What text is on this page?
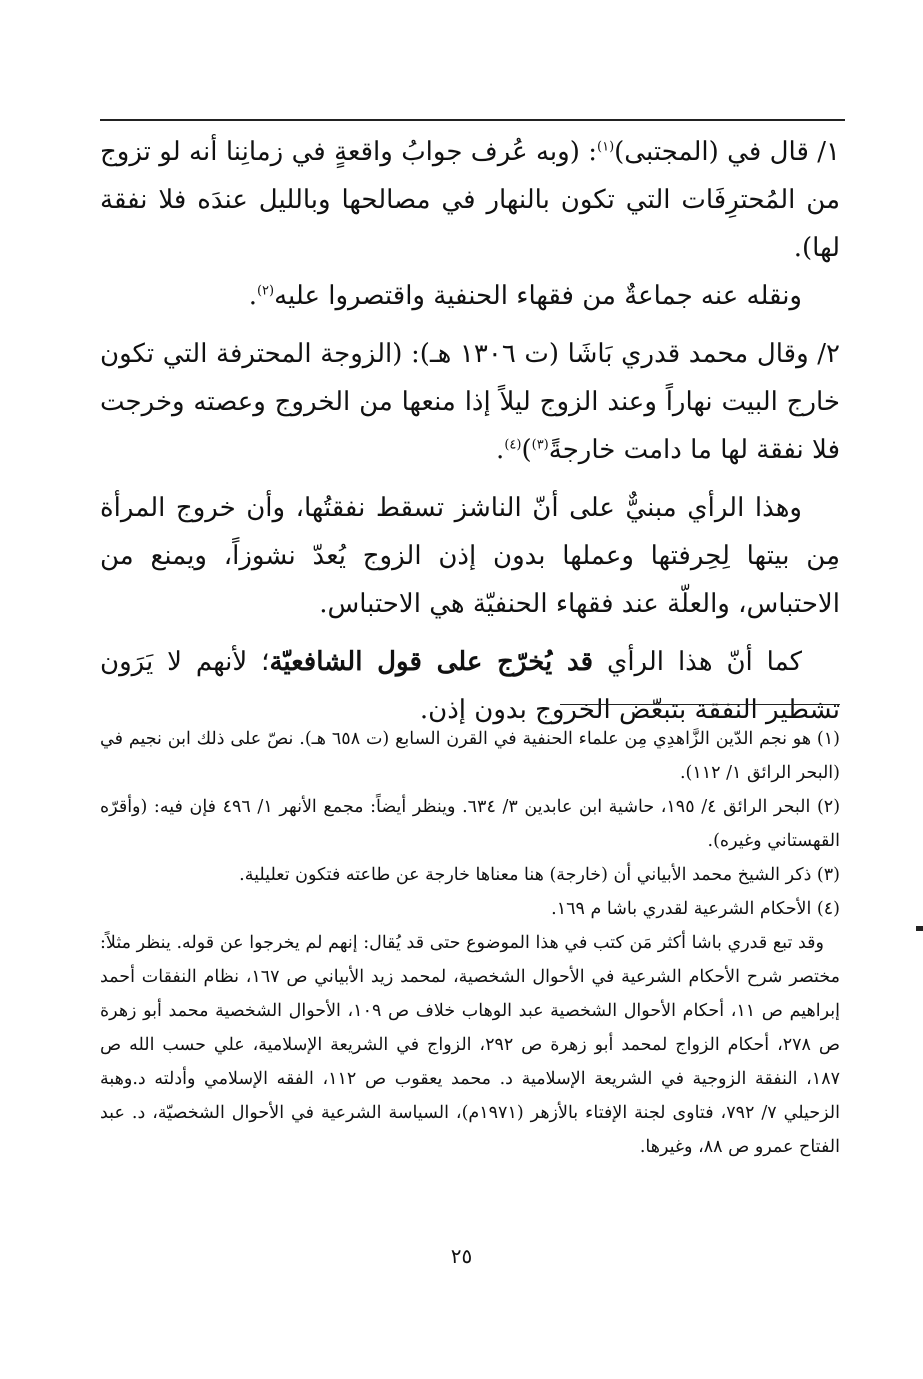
١/ قال في (المجتبى)$^{(١)}$: (وبه عُرف جوابُ واقعةٍ في زمانِنا أنه لو تزوج من المُحترِفَات التي تكون بالنهار في مصالحها وبالليل عندَه فلا نفقة لها).

ونقله عنه جماعةٌ من فقهاء الحنفية واقتصروا عليه$^{(٢)}$.

٢/ وقال محمد قدري بَاشَا (ت ١٣٠٦ هـ): (الزوجة المحترفة التي تكون خارج البيت نهاراً وعند الزوج ليلاً إذا منعها من الخروج وعصته وخرجت فلا نفقة لها ما دامت خارجةً$^{(٣)}$)$^{(٤)}$.

وهذا الرأي مبنيٌّ على أنّ الناشز تسقط نفقتُها، وأن خروج المرأة مِن بيتها لِحِرفتها وعملها بدون إذن الزوج يُعدّ نشوزاً، ويمنع من الاحتباس، والعلّة عند فقهاء الحنفيّة هي الاحتباس.

كما أنّ هذا الرأي قد يُخرّج على قول الشافعيّة؛ لأنهم لا يَرَون تشطير النفقة بتبعّض الخروج بدون إذن.

(١) هو نجم الدّين الزَّاهدِي مِن علماء الحنفية في القرن السابع (ت ٦٥٨ هـ). نصّ على ذلك ابن نجيم في (البحر الرائق ١/ ١١٢).

(٢) البحر الرائق ٤/ ١٩٥، حاشية ابن عابدين ٣/ ٦٣٤. وينظر أيضاً: مجمع الأنهر ١/ ٤٩٦ فإن فيه: (وأقرّه القهستاني وغيره).

(٣) ذكر الشيخ محمد الأبياني أن (خارجة) هنا معناها خارجة عن طاعته فتكون تعليلية.

(٤) الأحكام الشرعية لقدري باشا م ١٦٩.

وقد تبع قدري باشا أكثر مَن كتب في هذا الموضوع حتى قد يُقال: إنهم لم يخرجوا عن قوله. ينظر مثلاً: مختصر شرح الأحكام الشرعية في الأحوال الشخصية، لمحمد زيد الأبياني ص ١٦٧، نظام النفقات أحمد إبراهيم ص ١١، أحكام الأحوال الشخصية عبد الوهاب خلاف ص ١٠٩، الأحوال الشخصية محمد أبو زهرة ص ٢٧٨، أحكام الزواج لمحمد أبو زهرة ص ٢٩٢، الزواج في الشريعة الإسلامية، علي حسب الله ص ١٨٧، النفقة الزوجية في الشريعة الإسلامية د. محمد يعقوب ص ١١٢، الفقه الإسلامي وأدلته د.وهبة الزحيلي ٧/ ٧٩٢، فتاوى لجنة الإفتاء بالأزهر (١٩٧١م)، السياسة الشرعية في الأحوال الشخصيّة، د. عبد الفتاح عمرو ص ٨٨، وغيرها.

٢٥
